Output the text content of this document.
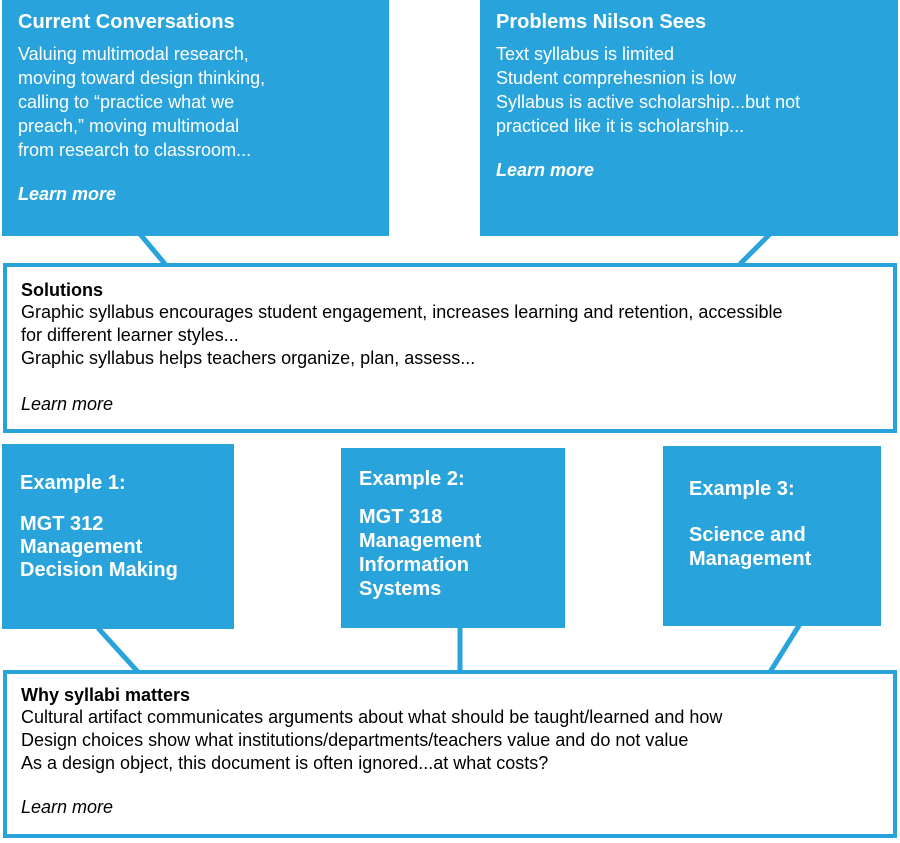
Current Conversations
Valuing multimodal research,
moving toward design thinking,
calling to “practice what we
preach,” moving multimodal
from research to classroom...
Learn more
Problems Nilson Sees
Text syllabus is limited
Student comprehesnion is low
Syllabus is active scholarship...but not
practiced like it is scholarship...
Learn more
Solutions
Graphic syllabus encourages student engagement, increases learning and retention, accessible
for different learner styles...
Graphic syllabus helps teachers organize, plan, assess...
Learn more
Example 1:
MGT 312
Management
Decision Making
Example 2:
MGT 318
Management
Information
Systems
Example 3:
Science and
Management
Why syllabi matters
Cultural artifact communicates arguments about what should be taught/learned and how
Design choices show what institutions/departments/teachers value and do not value
As a design object, this document is often ignored...at what costs?
Learn more
